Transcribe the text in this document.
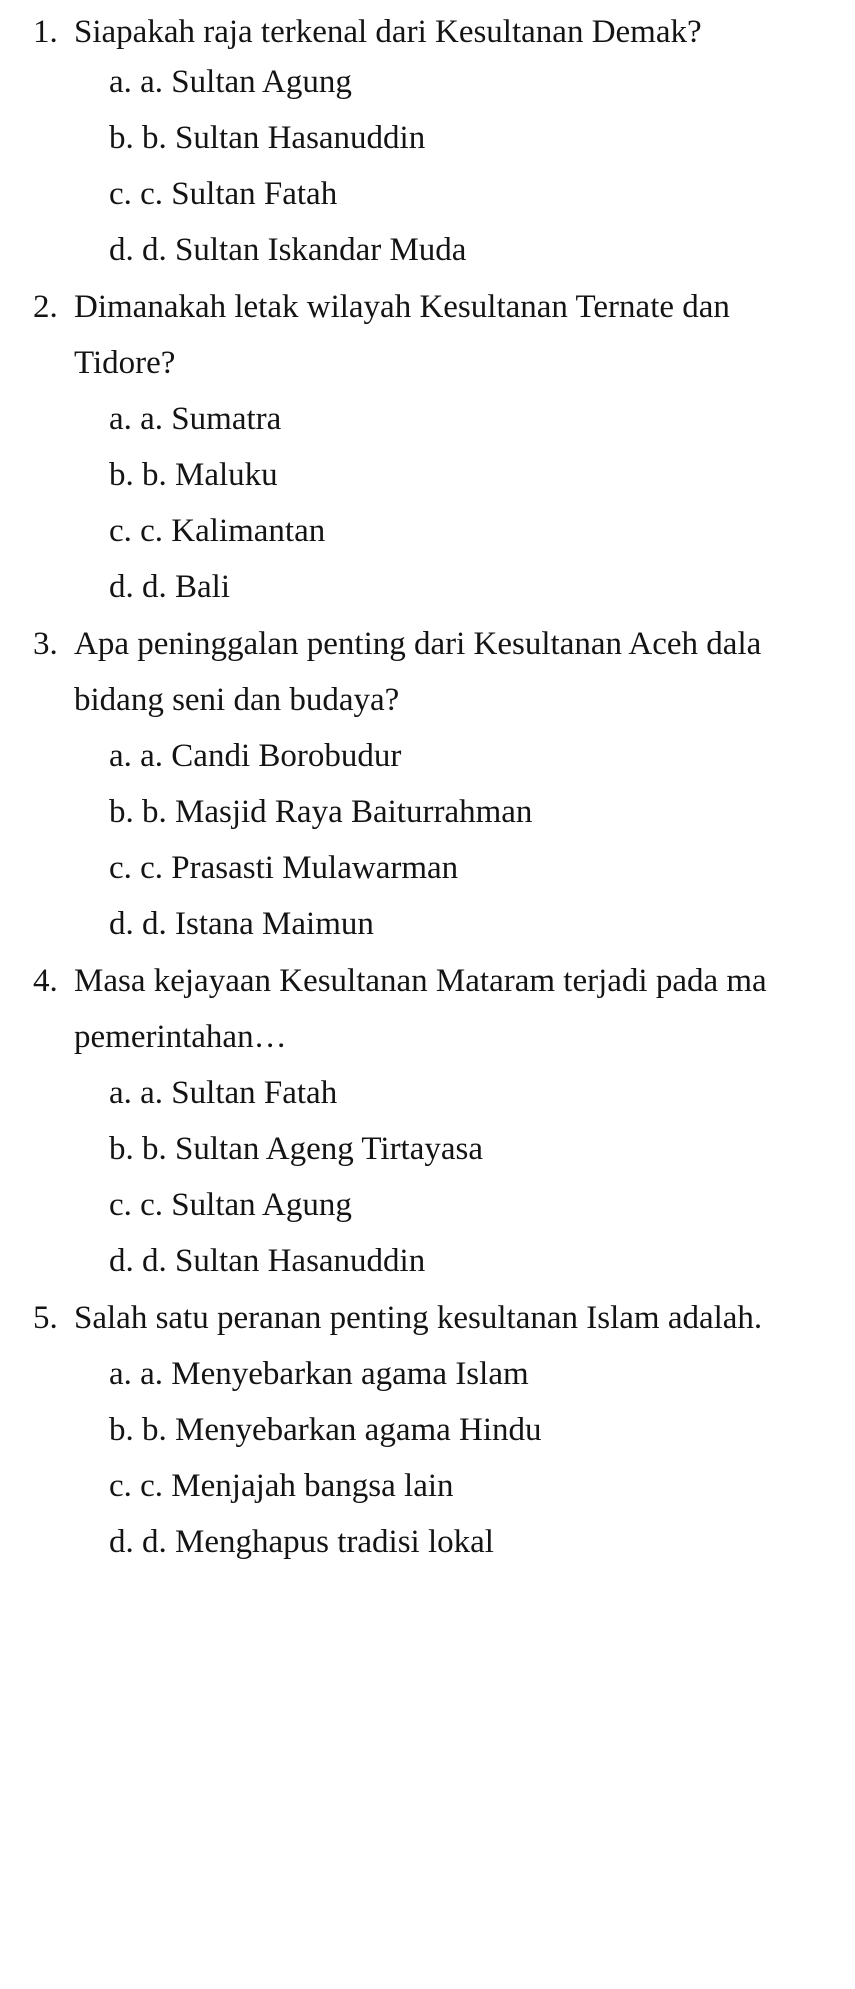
1. Siapakah raja terkenal dari Kesultanan Demak?
a. a. Sultan Agung
b. b. Sultan Hasanuddin
c. c. Sultan Fatah
d. d. Sultan Iskandar Muda
2. Dimanakah letak wilayah Kesultanan Ternate dan
Tidore?
a. a. Sumatra
b. b. Maluku
c. c. Kalimantan
d. d. Bali
3. Apa peninggalan penting dari Kesultanan Aceh dala
bidang seni dan budaya?
a. a. Candi Borobudur
b. b. Masjid Raya Baiturrahman
c. c. Prasasti Mulawarman
d. d. Istana Maimun
4. Masa kejayaan Kesultanan Mataram terjadi pada ma
pemerintahan…
a. a. Sultan Fatah
b. b. Sultan Ageng Tirtayasa
c. c. Sultan Agung
d. d. Sultan Hasanuddin
5. Salah satu peranan penting kesultanan Islam adalah.
a. a. Menyebarkan agama Islam
b. b. Menyebarkan agama Hindu
c. c. Menjajah bangsa lain
d. d. Menghapus tradisi lokal
